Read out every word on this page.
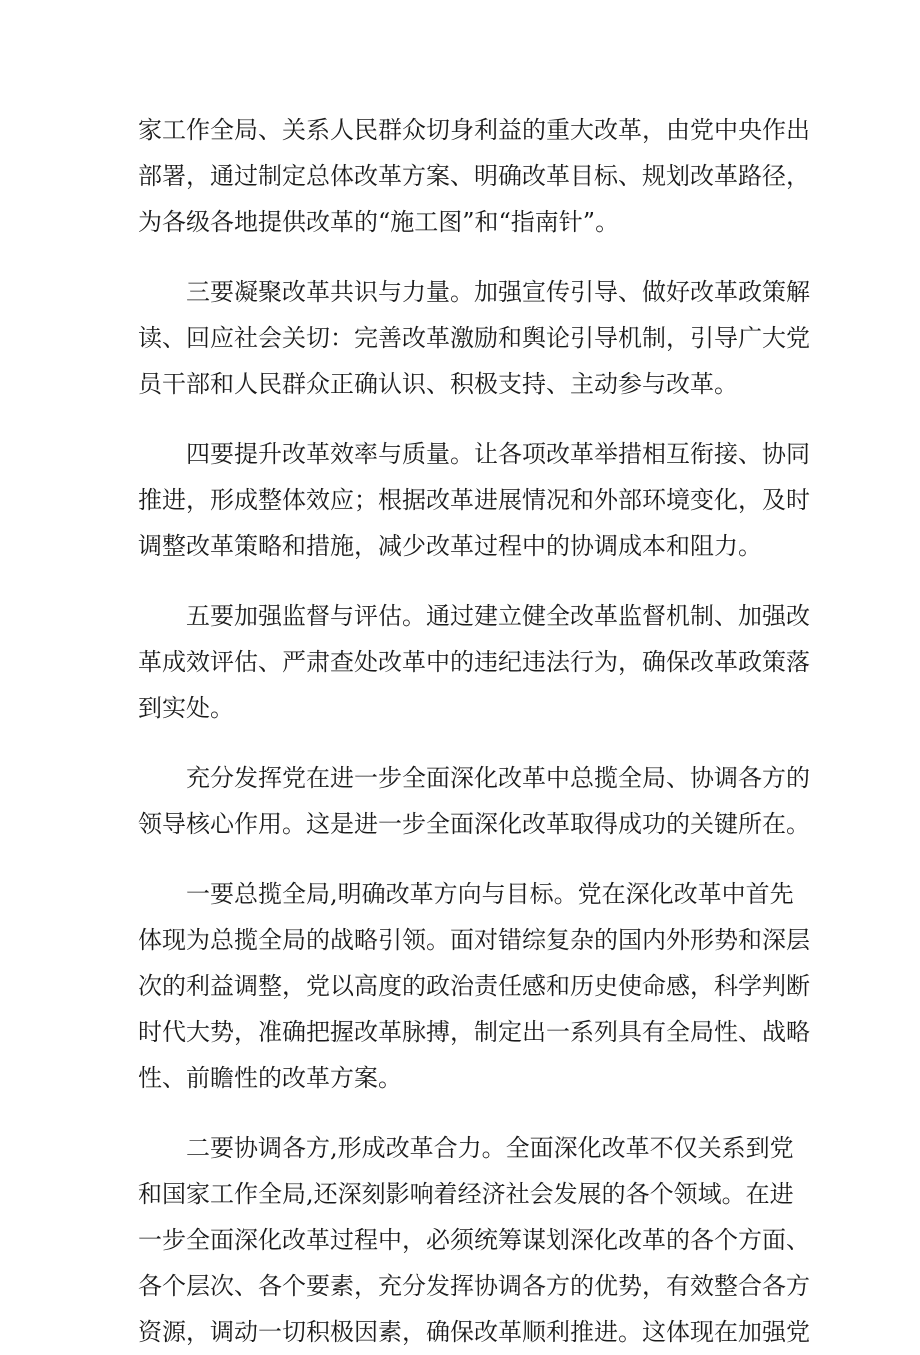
家工作全局、关系人民群众切身利益的重大改革，由党中央作出
部署，通过制定总体改革方案、明确改革目标、规划改革路径，
为各级各地提供改革的“施工图”和“指南针”。
三要凝聚改革共识与力量。加强宣传引导、做好改革政策解
读、回应社会关切：完善改革激励和舆论引导机制，引导广大党
员干部和人民群众正确认识、积极支持、主动参与改革。
四要提升改革效率与质量。让各项改革举措相互衔接、协同
推进，形成整体效应；根据改革进展情况和外部环境变化，及时
调整改革策略和措施，减少改革过程中的协调成本和阻力。
五要加强监督与评估。通过建立健全改革监督机制、加强改
革成效评估、严肃查处改革中的违纪违法行为，确保改革政策落
到实处。
充分发挥党在进一步全面深化改革中总揽全局、协调各方的
领导核心作用。这是进一步全面深化改革取得成功的关键所在。
一要总揽全局,明确改革方向与目标。党在深化改革中首先
体现为总揽全局的战略引领。面对错综复杂的国内外形势和深层
次的利益调整，党以高度的政治责任感和历史使命感，科学判断
时代大势，准确把握改革脉搏，制定出一系列具有全局性、战略
性、前瞻性的改革方案。
二要协调各方,形成改革合力。全面深化改革不仅关系到党
和国家工作全局,还深刻影响着经济社会发展的各个领域。在进
一步全面深化改革过程中，必须统筹谋划深化改革的各个方面、
各个层次、各个要素，充分发挥协调各方的优势，有效整合各方
资源，调动一切积极因素，确保改革顺利推进。这体现在加强党
